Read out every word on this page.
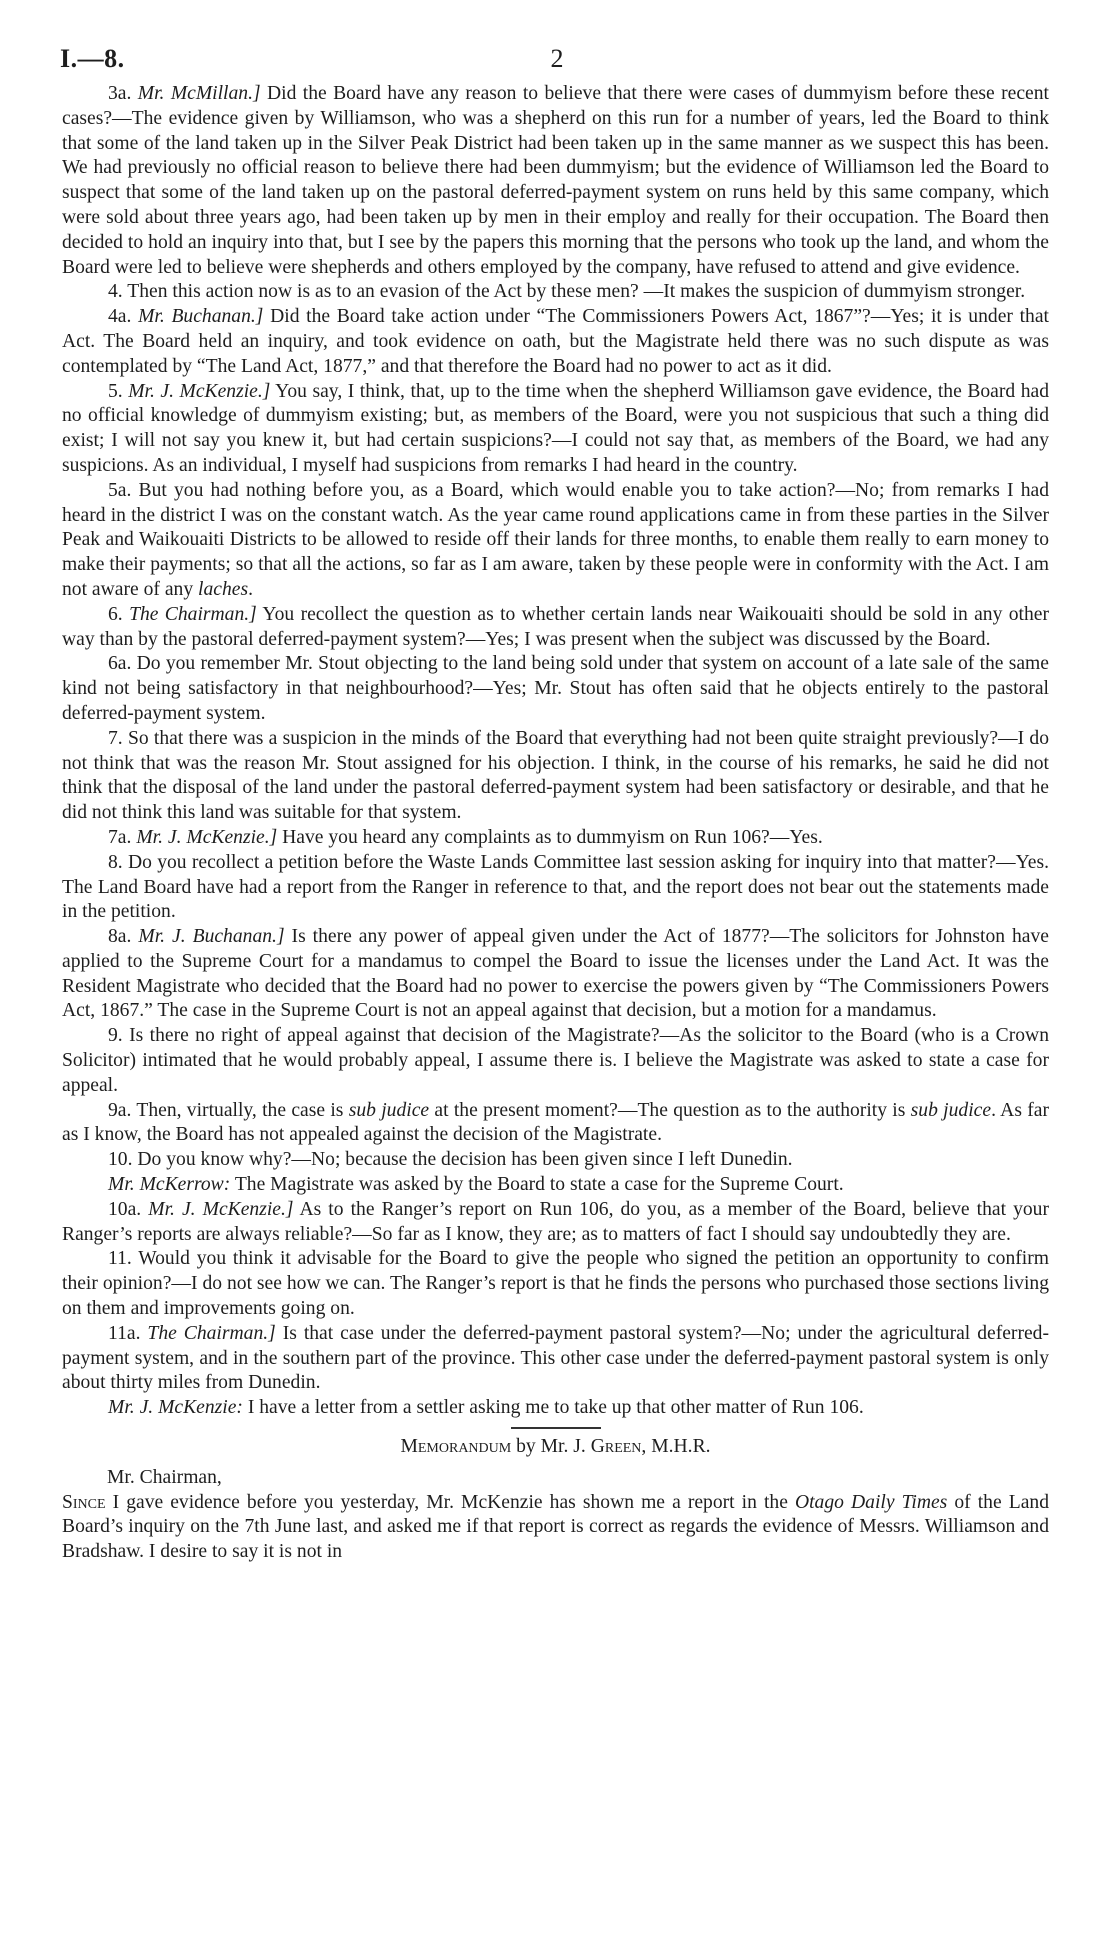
I.—8.	2

3a. Mr. McMillan.] Did the Board have any reason to believe that there were cases of dummyism before these recent cases?—The evidence given by Williamson, who was a shepherd on this run for a number of years, led the Board to think that some of the land taken up in the Silver Peak District had been taken up in the same manner as we suspect this has been. We had previously no official reason to believe there had been dummyism; but the evidence of Williamson led the Board to suspect that some of the land taken up on the pastoral deferred-payment system on runs held by this same company, which were sold about three years ago, had been taken up by men in their employ and really for their occupation. The Board then decided to hold an inquiry into that, but I see by the papers this morning that the persons who took up the land, and whom the Board were led to believe were shepherds and others employed by the company, have refused to attend and give evidence.

4. Then this action now is as to an evasion of the Act by these men? —It makes the suspicion of dummyism stronger.

4a. Mr. Buchanan.] Did the Board take action under “The Commissioners Powers Act, 1867”?—Yes; it is under that Act. The Board held an inquiry, and took evidence on oath, but the Magistrate held there was no such dispute as was contemplated by “The Land Act, 1877,” and that therefore the Board had no power to act as it did.

5. Mr. J. McKenzie.] You say, I think, that, up to the time when the shepherd Williamson gave evidence, the Board had no official knowledge of dummyism existing; but, as members of the Board, were you not suspicious that such a thing did exist; I will not say you knew it, but had certain suspicions?—I could not say that, as members of the Board, we had any suspicions. As an individual, I myself had suspicions from remarks I had heard in the country.

5a. But you had nothing before you, as a Board, which would enable you to take action?—No; from remarks I had heard in the district I was on the constant watch. As the year came round applications came in from these parties in the Silver Peak and Waikouaiti Districts to be allowed to reside off their lands for three months, to enable them really to earn money to make their payments; so that all the actions, so far as I am aware, taken by these people were in conformity with the Act. I am not aware of any laches.

6. The Chairman.] You recollect the question as to whether certain lands near Waikouaiti should be sold in any other way than by the pastoral deferred-payment system?—Yes; I was present when the subject was discussed by the Board.

6a. Do you remember Mr. Stout objecting to the land being sold under that system on account of a late sale of the same kind not being satisfactory in that neighbourhood?—Yes; Mr. Stout has often said that he objects entirely to the pastoral deferred-payment system.

7. So that there was a suspicion in the minds of the Board that everything had not been quite straight previously?—I do not think that was the reason Mr. Stout assigned for his objection. I think, in the course of his remarks, he said he did not think that the disposal of the land under the pastoral deferred-payment system had been satisfactory or desirable, and that he did not think this land was suitable for that system.

7a. Mr. J. McKenzie.] Have you heard any complaints as to dummyism on Run 106?—Yes.

8. Do you recollect a petition before the Waste Lands Committee last session asking for inquiry into that matter?—Yes. The Land Board have had a report from the Ranger in reference to that, and the report does not bear out the statements made in the petition.

8a. Mr. J. Buchanan.] Is there any power of appeal given under the Act of 1877?—The solicitors for Johnston have applied to the Supreme Court for a mandamus to compel the Board to issue the licenses under the Land Act. It was the Resident Magistrate who decided that the Board had no power to exercise the powers given by “The Commissioners Powers Act, 1867.” The case in the Supreme Court is not an appeal against that decision, but a motion for a mandamus.

9. Is there no right of appeal against that decision of the Magistrate?—As the solicitor to the Board (who is a Crown Solicitor) intimated that he would probably appeal, I assume there is. I believe the Magistrate was asked to state a case for appeal.

9a. Then, virtually, the case is sub judice at the present moment?—The question as to the authority is sub judice. As far as I know, the Board has not appealed against the decision of the Magistrate.

10. Do you know why?—No; because the decision has been given since I left Dunedin.

Mr. McKerrow: The Magistrate was asked by the Board to state a case for the Supreme Court.

10a. Mr. J. McKenzie.] As to the Ranger’s report on Run 106, do you, as a member of the Board, believe that your Ranger’s reports are always reliable?—So far as I know, they are; as to matters of fact I should say undoubtedly they are.

11. Would you think it advisable for the Board to give the people who signed the petition an opportunity to confirm their opinion?—I do not see how we can. The Ranger’s report is that he finds the persons who purchased those sections living on them and improvements going on.

11a. The Chairman.] Is that case under the deferred-payment pastoral system?—No; under the agricultural deferred-payment system, and in the southern part of the province. This other case under the deferred-payment pastoral system is only about thirty miles from Dunedin.

Mr. J. McKenzie: I have a letter from a settler asking me to take up that other matter of Run 106.

Memorandum by Mr. J. Green, M.H.R.

Mr. Chairman,

Since I gave evidence before you yesterday, Mr. McKenzie has shown me a report in the Otago Daily Times of the Land Board’s inquiry on the 7th June last, and asked me if that report is correct as regards the evidence of Messrs. Williamson and Bradshaw. I desire to say it is not in
